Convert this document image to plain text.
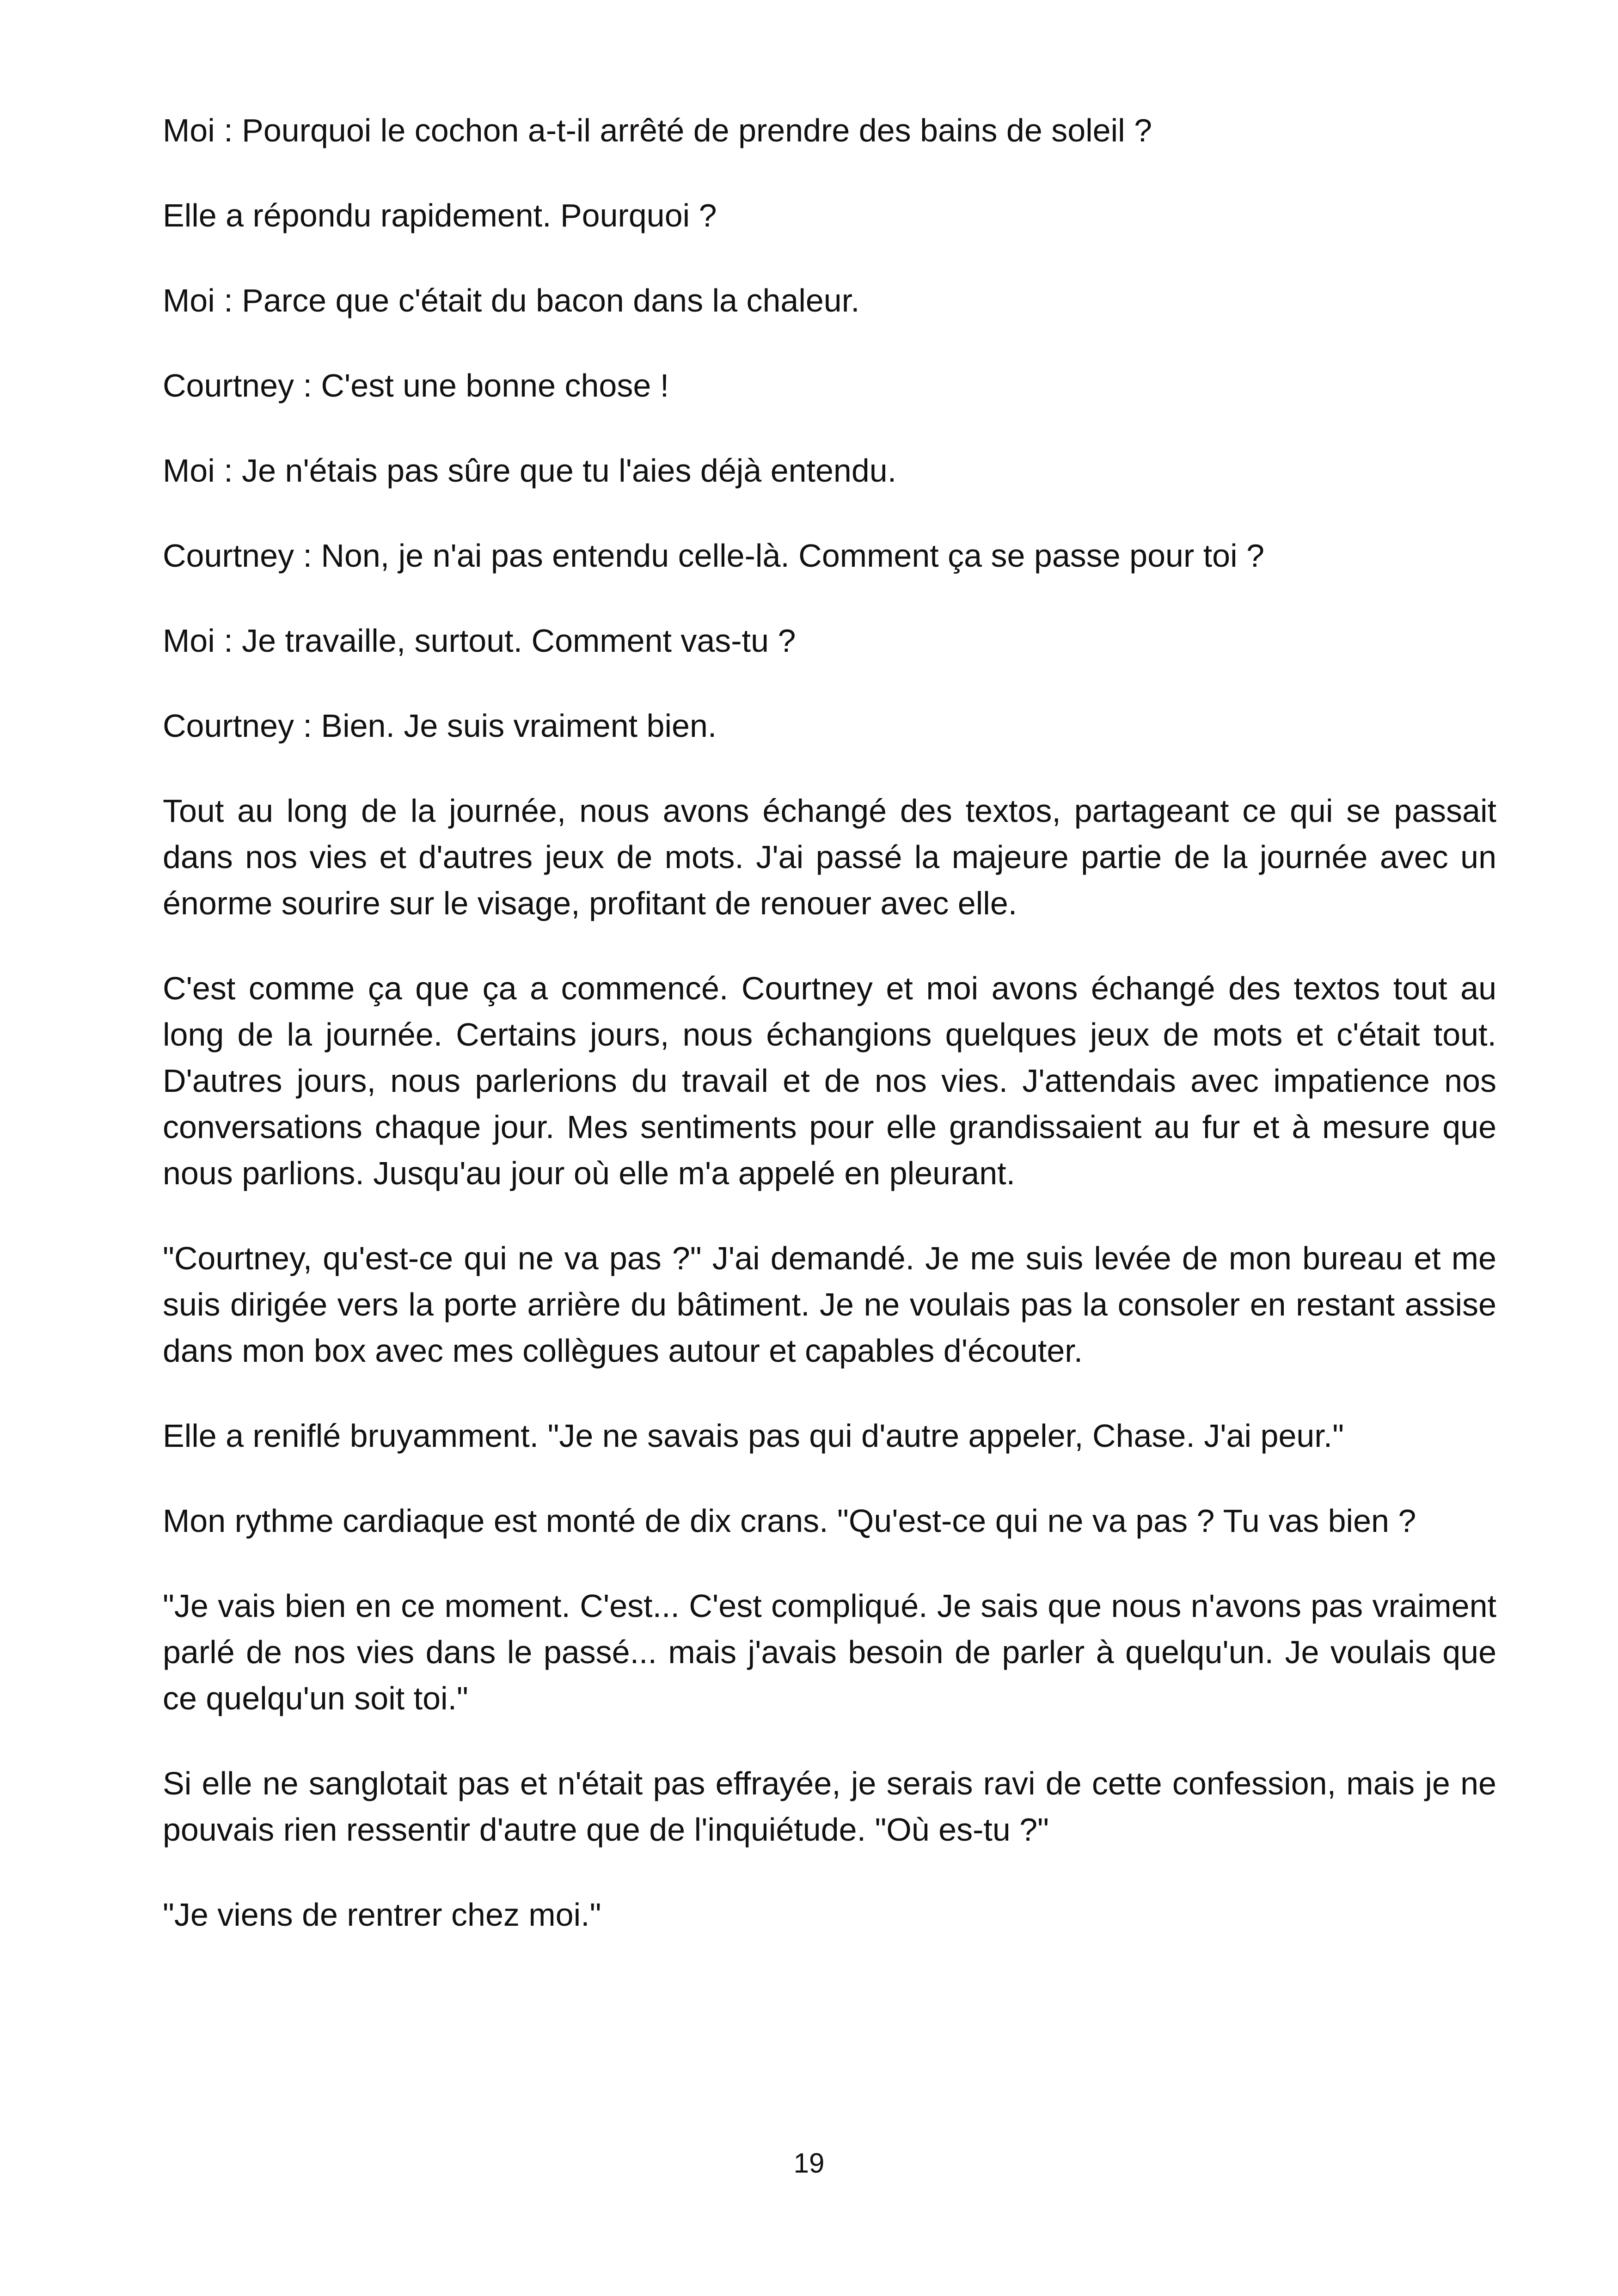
Moi : Pourquoi le cochon a-t-il arrêté de prendre des bains de soleil ?

Elle a répondu rapidement. Pourquoi ?

Moi : Parce que c'était du bacon dans la chaleur.

Courtney : C'est une bonne chose !

Moi : Je n'étais pas sûre que tu l'aies déjà entendu.

Courtney : Non, je n'ai pas entendu celle-là. Comment ça se passe pour toi ?

Moi : Je travaille, surtout. Comment vas-tu ?

Courtney : Bien. Je suis vraiment bien.

Tout au long de la journée, nous avons échangé des textos, partageant ce qui se passait dans nos vies et d'autres jeux de mots. J'ai passé la majeure partie de la journée avec un énorme sourire sur le visage, profitant de renouer avec elle.

C'est comme ça que ça a commencé. Courtney et moi avons échangé des textos tout au long de la journée. Certains jours, nous échangions quelques jeux de mots et c'était tout. D'autres jours, nous parlerions du travail et de nos vies. J'attendais avec impatience nos conversations chaque jour. Mes sentiments pour elle grandissaient au fur et à mesure que nous parlions. Jusqu'au jour où elle m'a appelé en pleurant.

"Courtney, qu'est-ce qui ne va pas ?" J'ai demandé. Je me suis levée de mon bureau et me suis dirigée vers la porte arrière du bâtiment. Je ne voulais pas la consoler en restant assise dans mon box avec mes collègues autour et capables d'écouter.

Elle a reniflé bruyamment. "Je ne savais pas qui d'autre appeler, Chase. J'ai peur."

Mon rythme cardiaque est monté de dix crans. "Qu'est-ce qui ne va pas ? Tu vas bien ?

"Je vais bien en ce moment. C'est... C'est compliqué. Je sais que nous n'avons pas vraiment parlé de nos vies dans le passé... mais j'avais besoin de parler à quelqu'un. Je voulais que ce quelqu'un soit toi."

Si elle ne sanglotait pas et n'était pas effrayée, je serais ravi de cette confession, mais je ne pouvais rien ressentir d'autre que de l'inquiétude. "Où es-tu ?"

"Je viens de rentrer chez moi."

19
